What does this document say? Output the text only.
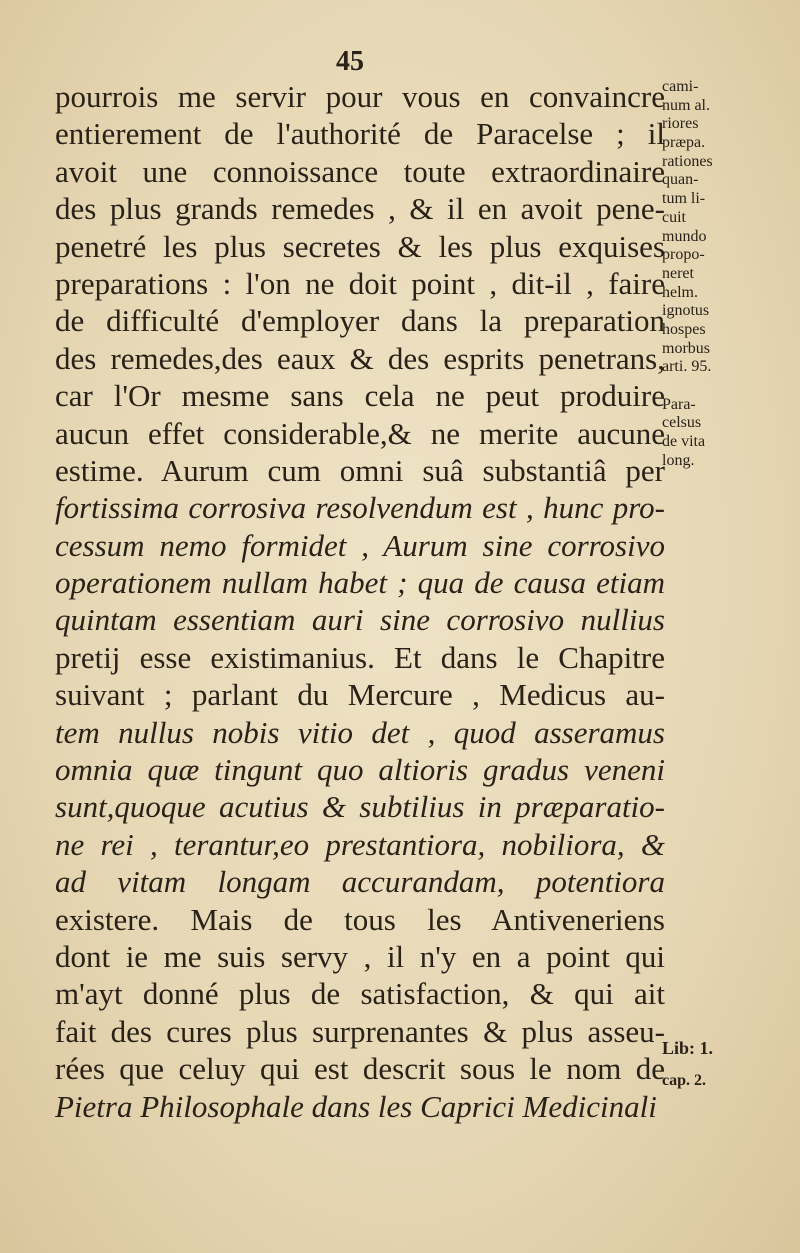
45
pourrois me servir pour vous en convaincre
entierement de l'authorité de Paracelse ; il
avoit une connoissance toute extraordinaire
des plus grands remedes , & il en avoit pene-
penetré les plus secretes & les plus exquises
preparations : l'on ne doit point , dit-il , faire
de difficulté d'employer dans la preparation
des remedes,des eaux & des esprits penetrans,
car l'Or mesme sans cela ne peut produire
aucun effet considerable,& ne merite aucune
estime. Aurum cum omni suâ substantiâ per
fortissima corrosiva resolvendum est , hunc pro-
cessum nemo formidet , Aurum sine corrosivo
operationem nullam habet ; qua de causa etiam
quintam essentiam auri sine corrosivo nullius
pretij esse existimanius. Et dans le Chapitre
suivant ; parlant du Mercure , Medicus au-
tem nullus nobis vitio det , quod asseramus
omnia quæ tingunt quo altioris gradus veneni
sunt,quoque acutius & subtilius in præparatio-
ne rei , terantur,eo prestantiora, nobiliora, &
ad vitam longam accurandam, potentiora
existere. Mais de tous les Antiveneriens
dont ie me suis servy , il n'y en a point qui
m'ayt donné plus de satisfaction, & qui ait
fait des cures plus surprenantes & plus asseu-
rées que celuy qui est descrit sous le nom de
Pietra Philosophale dans les Caprici Medicinali
cami-
num al.
riores
præpa.
rationes
quan-
tum li-
cuit
mundo
propo-
neret
helm.
ignotus
hospes
morbus
arti. 95.
Para-
celsus
de vita
long.
Lib: 1.
cap. 2.
